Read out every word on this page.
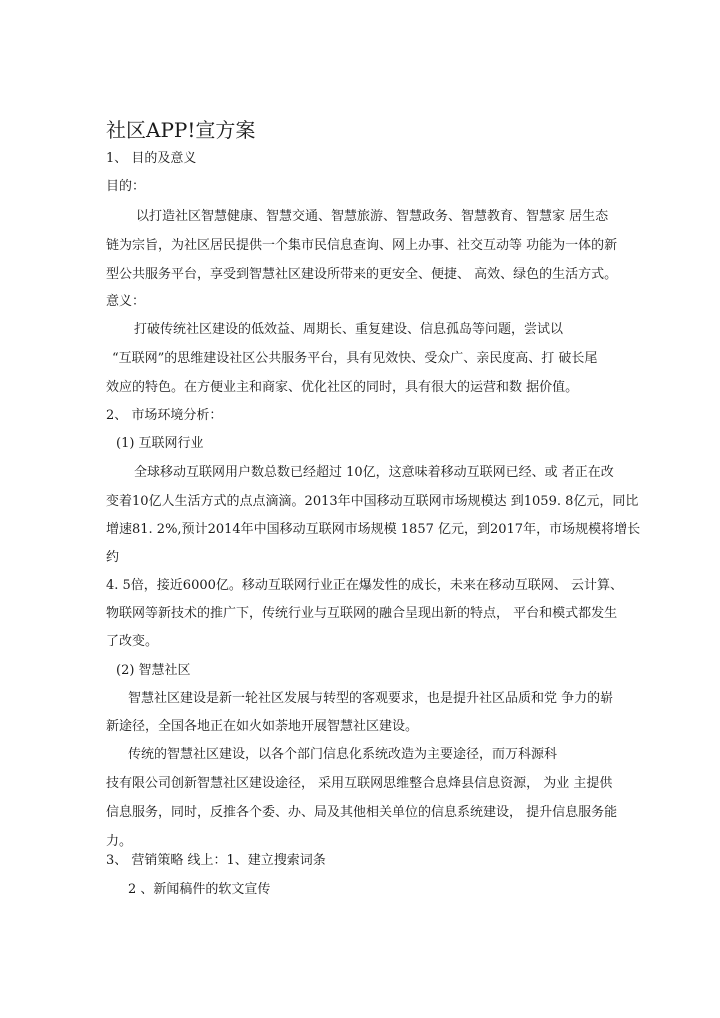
社区APP!宣方案
1、 目的及意义
目的：
以打造社区智慧健康、智慧交通、智慧旅游、智慧政务、智慧教育、智慧家 居生态
链为宗旨，为社区居民提供一个集市民信息查询、网上办事、社交互动等 功能为一体的新
型公共服务平台，享受到智慧社区建设所带来的更安全、便捷、 高效、绿色的生活方式。
意义：
打破传统社区建设的低效益、周期长、重复建设、信息孤岛等问题，尝试以
“互联网”的思维建设社区公共服务平台，具有见效快、受众广、亲民度高、打 破长尾
效应的特色。在方便业主和商家、优化社区的同时，具有很大的运营和数 据价值。
2、 市场环境分析：
(1) 互联网行业
全球移动互联网用户数总数已经超过 10亿，这意味着移动互联网已经、或 者正在改
变着10亿人生活方式的点点滴滴。2013年中国移动互联网市场规模达 到1059. 8亿元，同比
增速81. 2%,预计2014年中国移动互联网市场规模 1857 亿元，到2017年，市场规模将增长
约
4. 5倍，接近6000亿。移动互联网行业正在爆发性的成长，未来在移动互联网、 云计算、
物联网等新技术的推广下，传统行业与互联网的融合呈现出新的特点， 平台和模式都发生
了改变。
(2) 智慧社区
智慧社区建设是新一轮社区发展与转型的客观要求，也是提升社区品质和党 争力的崭
新途径，全国各地正在如火如荼地开展智慧社区建设。
传统的智慧社区建设，以各个部门信息化系统改造为主要途径，而万科源科
技有限公司创新智慧社区建设途径， 采用互联网思维整合息烽县信息资源， 为业 主提供
信息服务，同时，反推各个委、办、局及其他相关单位的信息系统建设， 提升信息服务能
力。
3、 营销策略 线上：1、建立搜索词条
2 、新闻稿件的软文宣传
